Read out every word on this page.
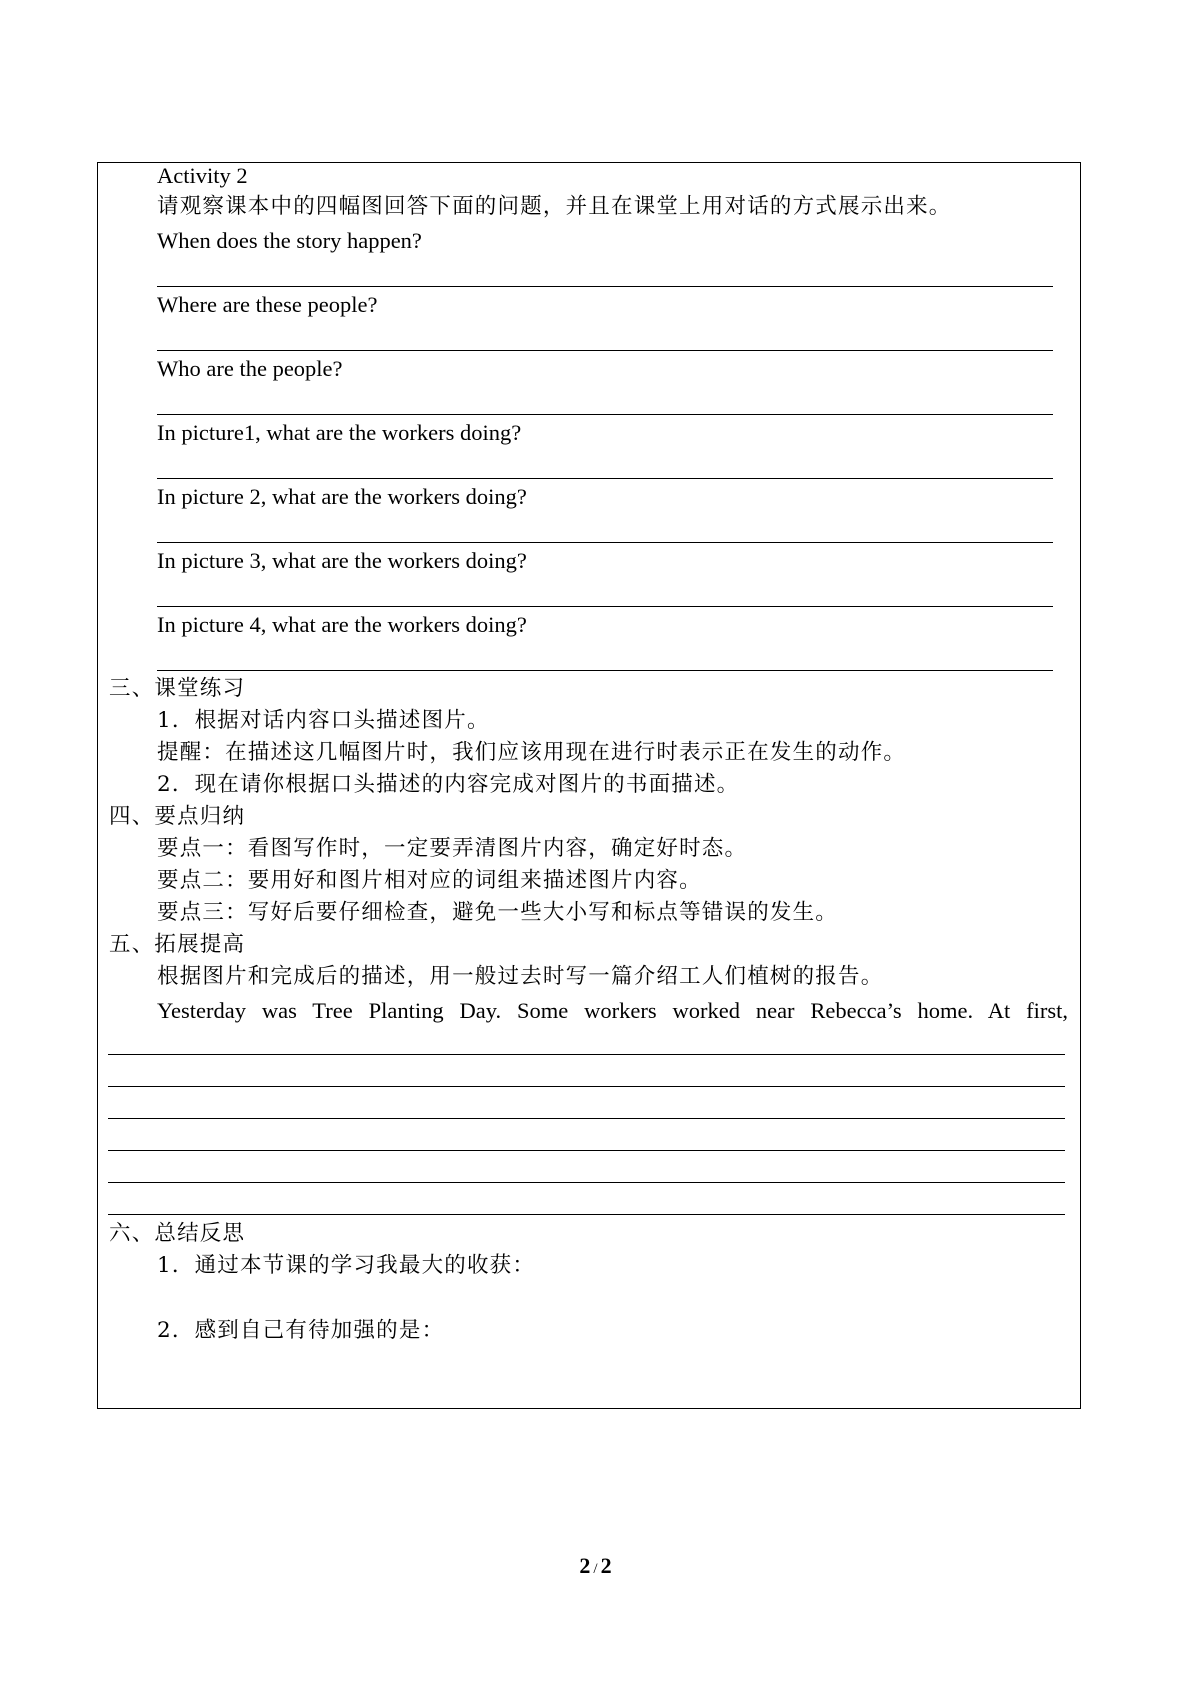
Activity 2
请观察课本中的四幅图回答下面的问题，并且在课堂上用对话的方式展示出来。
When does the story happen?
Where are these people?
Who are the people?
In picture1, what are the workers doing?
In picture 2, what are the workers doing?
In picture 3, what are the workers doing?
In picture 4, what are the workers doing?
三、课堂练习
1．根据对话内容口头描述图片。
提醒：在描述这几幅图片时，我们应该用现在进行时表示正在发生的动作。
2．现在请你根据口头描述的内容完成对图片的书面描述。
四、要点归纳
要点一：看图写作时，一定要弄清图片内容，确定好时态。
要点二：要用好和图片相对应的词组来描述图片内容。
要点三：写好后要仔细检查，避免一些大小写和标点等错误的发生。
五、拓展提高
根据图片和完成后的描述，用一般过去时写一篇介绍工人们植树的报告。
Yesterday was Tree Planting Day. Some workers worked near Rebecca’s home. At first,
六、总结反思
1．通过本节课的学习我最大的收获：
2．感到自己有待加强的是：
2 / 2
